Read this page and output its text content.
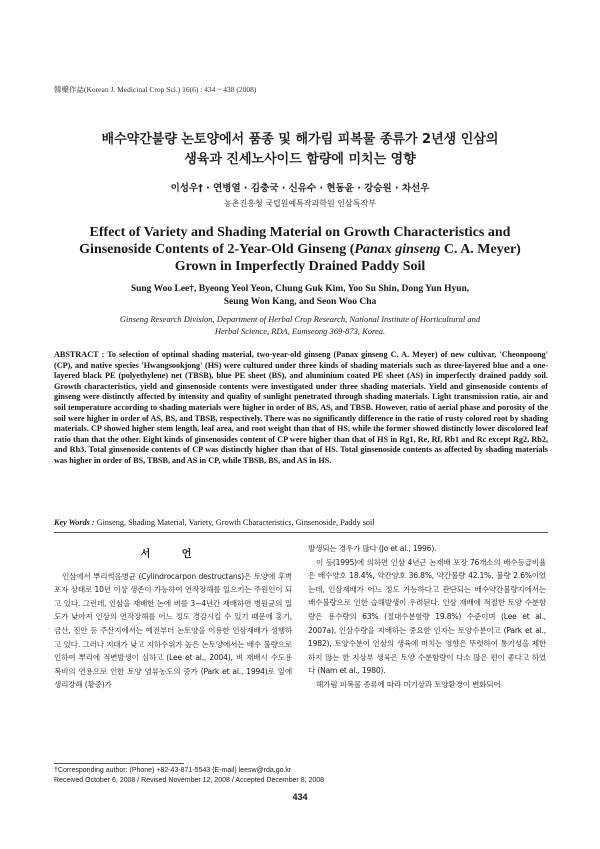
韓藥作誌(Korean J. Medicinal Crop Sci.) 16(6) : 434 ~ 438 (2008)
배수약간불량 논토양에서 품종 및 해가림 피복물 종류가 2년생 인삼의
생육과 진세노사이드 함량에 미치는 영향
이성우† · 연병열 · 김충국 · 신유수 · 현동윤 · 강승원 · 차선우
농촌진흥청 국립원예특작과학원 인삼특작부
Effect of Variety and Shading Material on Growth Characteristics and
Ginsenoside Contents of 2-Year-Old Ginseng (Panax ginseng C. A. Meyer)
Grown in Imperfectly Drained Paddy Soil
Sung Woo Lee†, Byeong Yeol Yeon, Chung Guk Kim, Yoo Su Shin, Dong Yun Hyun,
Seung Won Kang, and Seon Woo Cha
Ginseng Research Division, Department of Herbal Crop Research, National Institute of Horticultural and
Herbal Science, RDA, Eumseong 369-873, Korea.
ABSTRACT : To selection of optimal shading material, two-year-old ginseng (Panax ginseng C. A. Meyer) of new cultivar, 'Cheonpoong' (CP), and native species 'Hwangsookjong' (HS) were cultured under three kinds of shading materials such as three-layered blue and a one-layered black PE (polyethylene) net (TBSB), blue PE sheet (BS), and aluminium coated PE sheet (AS) in imperfectly drained paddy soil. Growth characteristics, yield and ginsenoside contents were investigated under three shading materials. Yield and ginsenoside contents of ginseng were distinctly affected by intensity and quality of sunlight penetrated through shading materials. Light transmission ratio, air and soil temperature according to shading materials were higher in order of BS, AS, and TBSB. However, ratio of aerial phase and porosity of the soil were higher in order of AS, BS, and TBSB, respectively. There was no significantly difference in the ratio of rusty colored root by shading materials. CP showed higher stem length, leaf area, and root weight than that of HS, while the former showed distinctly lower discolored leaf ratio than that the other. Eight kinds of ginsenosides content of CP were higher than that of HS in Rg1, Re, Rf, Rb1 and Rc except Rg2, Rb2, and Rb3. Total ginsenoside contents of CP was distinctly higher than that of HS. Total ginsenoside contents as affected by shading materials was higher in order of BS, TBSB, and AS in CP, while TBSB, BS, and AS in HS.
Key Words : Ginseng, Shading Material, Variety, Growth Characteristics, Ginsenoside, Paddy soil
서 언

인삼에서 뿌리썩음병균 (Cylindrocarpon destructans)은 토양에 후벽포자 상태로 10년 이상 생존이 가능하여 연작장해를 일으키는 주원인이 되고 있다. 그런데, 인삼을 재배한 논에 벼를 3~4년간 재배하면 병원균의 밀도가 낮아져 인삼의 연작장해를 어느 정도 경감시킬 수 있기 때문에 홍기, 금산, 진안 등 주산지에서는 예전부터 논토양을 이용한 인삼재배가 성행하고 있다. 그러나 지대가 낮고 지하수위가 높은 논토양에서는 배수 불량으로 인하여 뿌리에 적변발생이 심하고 (Lee et al., 2004), 벼 재배시 수도용 복비의 연용으로 인한 토양 염류농도의 증가 (Park et al., 1994)로 잎에 생리장해 (황증)가

발생되는 경우가 많다 (Jo et al., 1996).

이 등(1995)에 의하면 인삼 4년근 논재배 포장 76개소의 배수등급비율은 배수양호 18.4%, 약간양호 36.8%, 약간불량 42.1%, 불량 2.6%이었는데, 인삼재배가 어느 정도 가능하다고 판단되는 배수약간불량지에서는 배수불량으로 인한 습해발생이 우려된다. 인삼 재배에 적절한 토양 수분함량은 용수량의 63% (절대수분함량 19.8%) 수준이며 (Lee et al., 2007a), 인삼수량을 지배하는 중요한 인자는 토양수분이고 (Park et al., 1982), 토양수분이 인삼의 생육에 미치는 영향은 뚜렷하여 통기성을 제한하지 않는 한 지상부 생육은 토양 수분함량이 다소 많은 편이 좋다고 하였다 (Nam et al., 1980).

해가림 피복물 종류에 따라 미기상과 토양환경이 변화되어

†Corresponding author: (Phone) +82-43-871-5543 (E-mail) leesw@rda.go.kr
Received October 6, 2008 / Revised November 12, 2008 / Accepted December 8, 2008
434
